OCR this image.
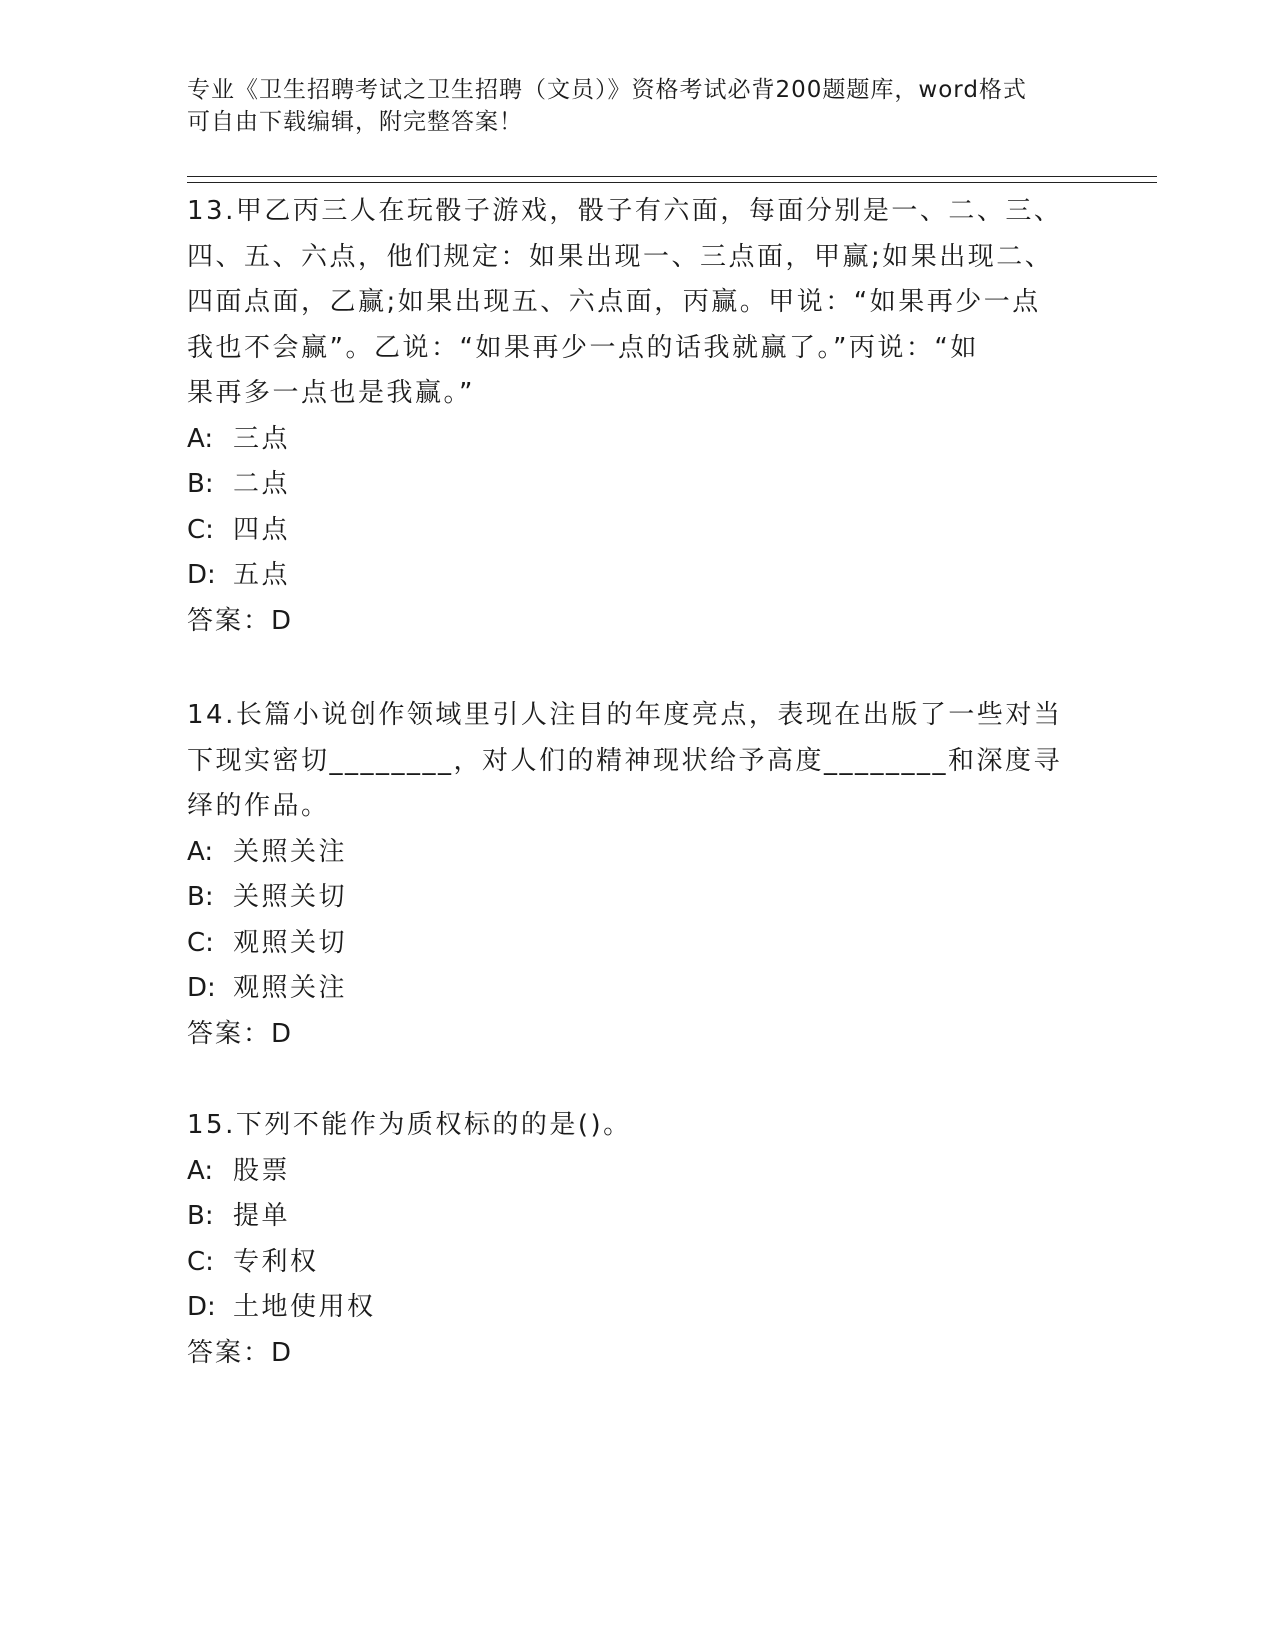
专业《卫生招聘考试之卫生招聘（文员）》资格考试必背200题题库，word格式
可自由下载编辑，附完整答案！
13.甲乙丙三人在玩骰子游戏，骰子有六面，每面分别是一、二、三、
四、五、六点，他们规定：如果出现一、三点面，甲赢;如果出现二、
四面点面，乙赢;如果出现五、六点面，丙赢。甲说：“如果再少一点
我也不会赢”。乙说：“如果再少一点的话我就赢了。”丙说：“如
果再多一点也是我赢。”
A: 三点
B: 二点
C: 四点
D: 五点
答案：D
14.长篇小说创作领域里引人注目的年度亮点，表现在出版了一些对当
下现实密切________，对人们的精神现状给予高度________和深度寻
绎的作品。
A: 关照关注
B: 关照关切
C: 观照关切
D: 观照关注
答案：D
15.下列不能作为质权标的的是()。
A: 股票
B: 提单
C: 专利权
D: 土地使用权
答案：D
